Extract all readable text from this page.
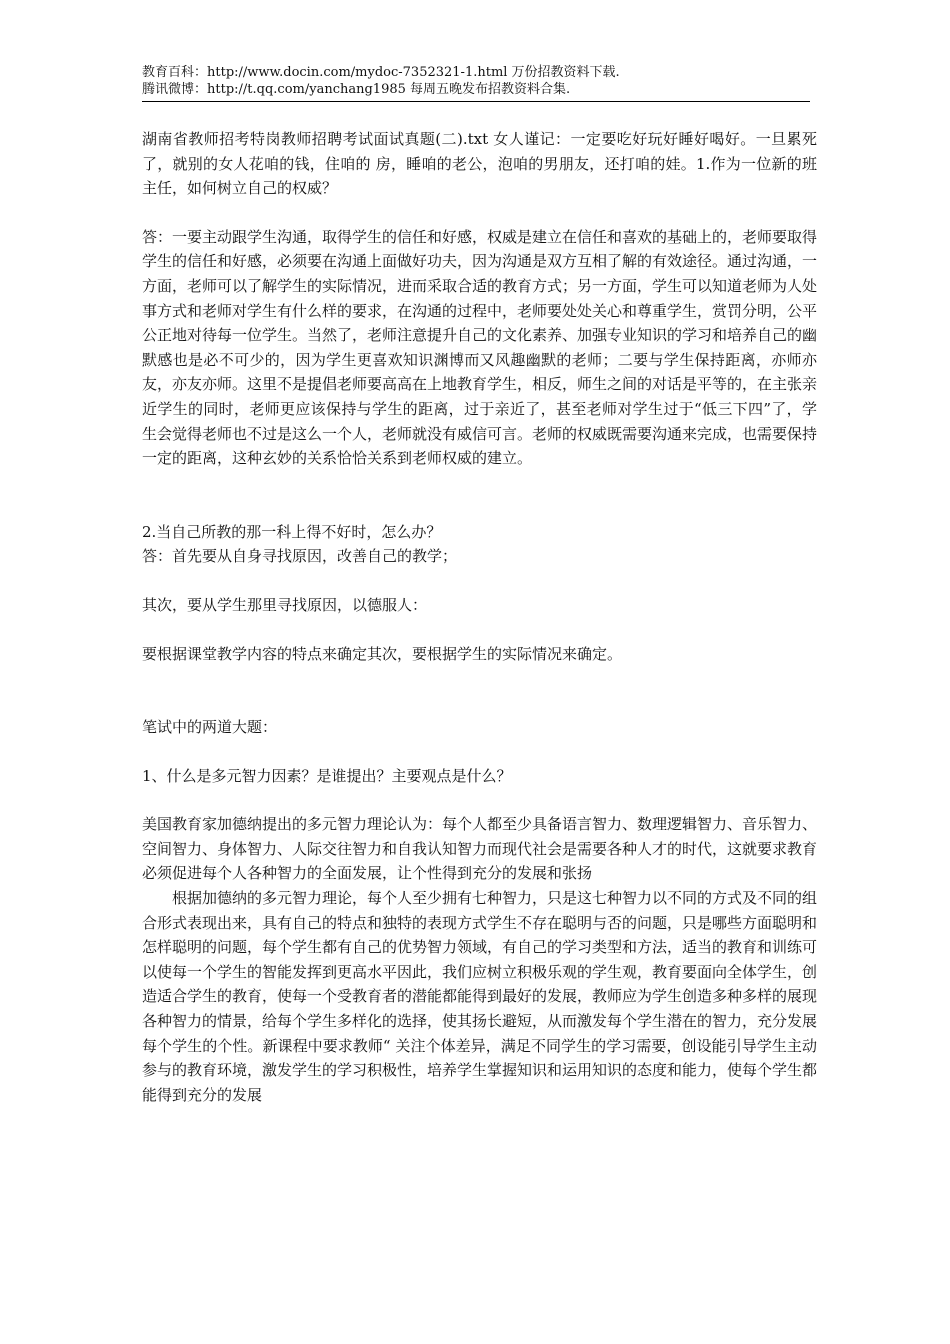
教育百科：http://www.docin.com/mydoc-7352321-1.html 万份招教资料下载.
腾讯微博：http://t.qq.com/yanchang1985 每周五晚发布招教资料合集.

湖南省教师招考特岗教师招聘考试面试真题(二).txt 女人谨记：一定要吃好玩好睡好喝好。一旦累死了，就别的女人花咱的钱，住咱的 房，睡咱的老公，泡咱的男朋友，还打咱的娃。1.作为一位新的班主任，如何树立自己的权威？

答：一要主动跟学生沟通，取得学生的信任和好感，权威是建立在信任和喜欢的基础上的，老师要取得学生的信任和好感，必须要在沟通上面做好功夫，因为沟通是双方互相了解的有效途径。通过沟通，一方面，老师可以了解学生的实际情况，进而采取合适的教育方式；另一方面，学生可以知道老师为人处事方式和老师对学生有什么样的要求，在沟通的过程中，老师要处处关心和尊重学生，赏罚分明，公平公正地对待每一位学生。当然了，老师注意提升自己的文化素养、加强专业知识的学习和培养自己的幽默感也是必不可少的，因为学生更喜欢知识渊博而又风趣幽默的老师；二要与学生保持距离，亦师亦友，亦友亦师。这里不是提倡老师要高高在上地教育学生，相反，师生之间的对话是平等的，在主张亲近学生的同时，老师更应该保持与学生的距离，过于亲近了，甚至老师对学生过于“低三下四”了，学生会觉得老师也不过是这么一个人，老师就没有威信可言。老师的权威既需要沟通来完成，也需要保持一定的距离，这种玄妙的关系恰恰关系到老师权威的建立。

2.当自己所教的那一科上得不好时，怎么办？

答：首先要从自身寻找原因，改善自己的教学；

其次，要从学生那里寻找原因，以德服人：

要根据课堂教学内容的特点来确定其次，要根据学生的实际情况来确定。

笔试中的两道大题：

1、什么是多元智力因素？是谁提出？主要观点是什么？

美国教育家加德纳提出的多元智力理论认为：每个人都至少具备语言智力、数理逻辑智力、音乐智力、空间智力、身体智力、人际交往智力和自我认知智力而现代社会是需要各种人才的时代，这就要求教育必须促进每个人各种智力的全面发展，让个性得到充分的发展和张扬

根据加德纳的多元智力理论，每个人至少拥有七种智力，只是这七种智力以不同的方式及不同的组合形式表现出来，具有自己的特点和独特的表现方式学生不存在聪明与否的问题，只是哪些方面聪明和怎样聪明的问题，每个学生都有自己的优势智力领域，有自己的学习类型和方法，适当的教育和训练可以使每一个学生的智能发挥到更高水平因此，我们应树立积极乐观的学生观，教育要面向全体学生，创造适合学生的教育，使每一个受教育者的潜能都能得到最好的发展，教师应为学生创造多种多样的展现各种智力的情景，给每个学生多样化的选择，使其扬长避短，从而激发每个学生潜在的智力，充分发展每个学生的个性。新课程中要求教师“ 关注个体差异，满足不同学生的学习需要，创设能引导学生主动参与的教育环境，激发学生的学习积极性，培养学生掌握知识和运用知识的态度和能力，使每个学生都能得到充分的发展
